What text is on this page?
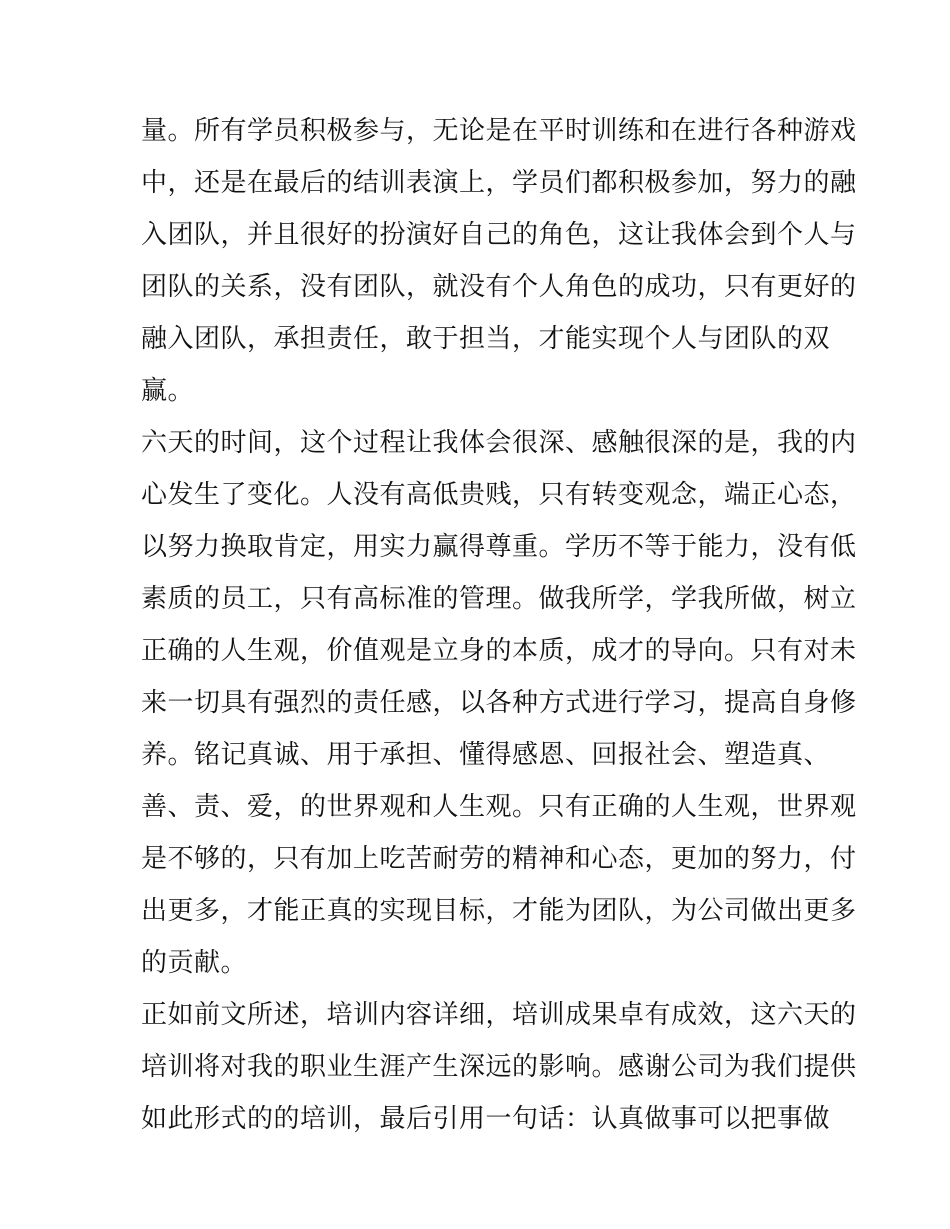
量。所有学员积极参与，无论是在平时训练和在进行各种游戏
中，还是在最后的结训表演上，学员们都积极参加，努力的融
入团队，并且很好的扮演好自己的角色，这让我体会到个人与
团队的关系，没有团队，就没有个人角色的成功，只有更好的
融入团队，承担责任，敢于担当，才能实现个人与团队的双
赢。
六天的时间，这个过程让我体会很深、感触很深的是，我的内
心发生了变化。人没有高低贵贱，只有转变观念，端正心态，
以努力换取肯定，用实力赢得尊重。学历不等于能力，没有低
素质的员工，只有高标准的管理。做我所学，学我所做，树立
正确的人生观，价值观是立身的本质，成才的导向。只有对未
来一切具有强烈的责任感，以各种方式进行学习，提高自身修
养。铭记真诚、用于承担、懂得感恩、回报社会、塑造真、
善、责、爱，的世界观和人生观。只有正确的人生观，世界观
是不够的，只有加上吃苦耐劳的精神和心态，更加的努力，付
出更多，才能正真的实现目标，才能为团队，为公司做出更多
的贡献。
正如前文所述，培训内容详细，培训成果卓有成效，这六天的
培训将对我的职业生涯产生深远的影响。感谢公司为我们提供
如此形式的的培训，最后引用一句话：认真做事可以把事做
